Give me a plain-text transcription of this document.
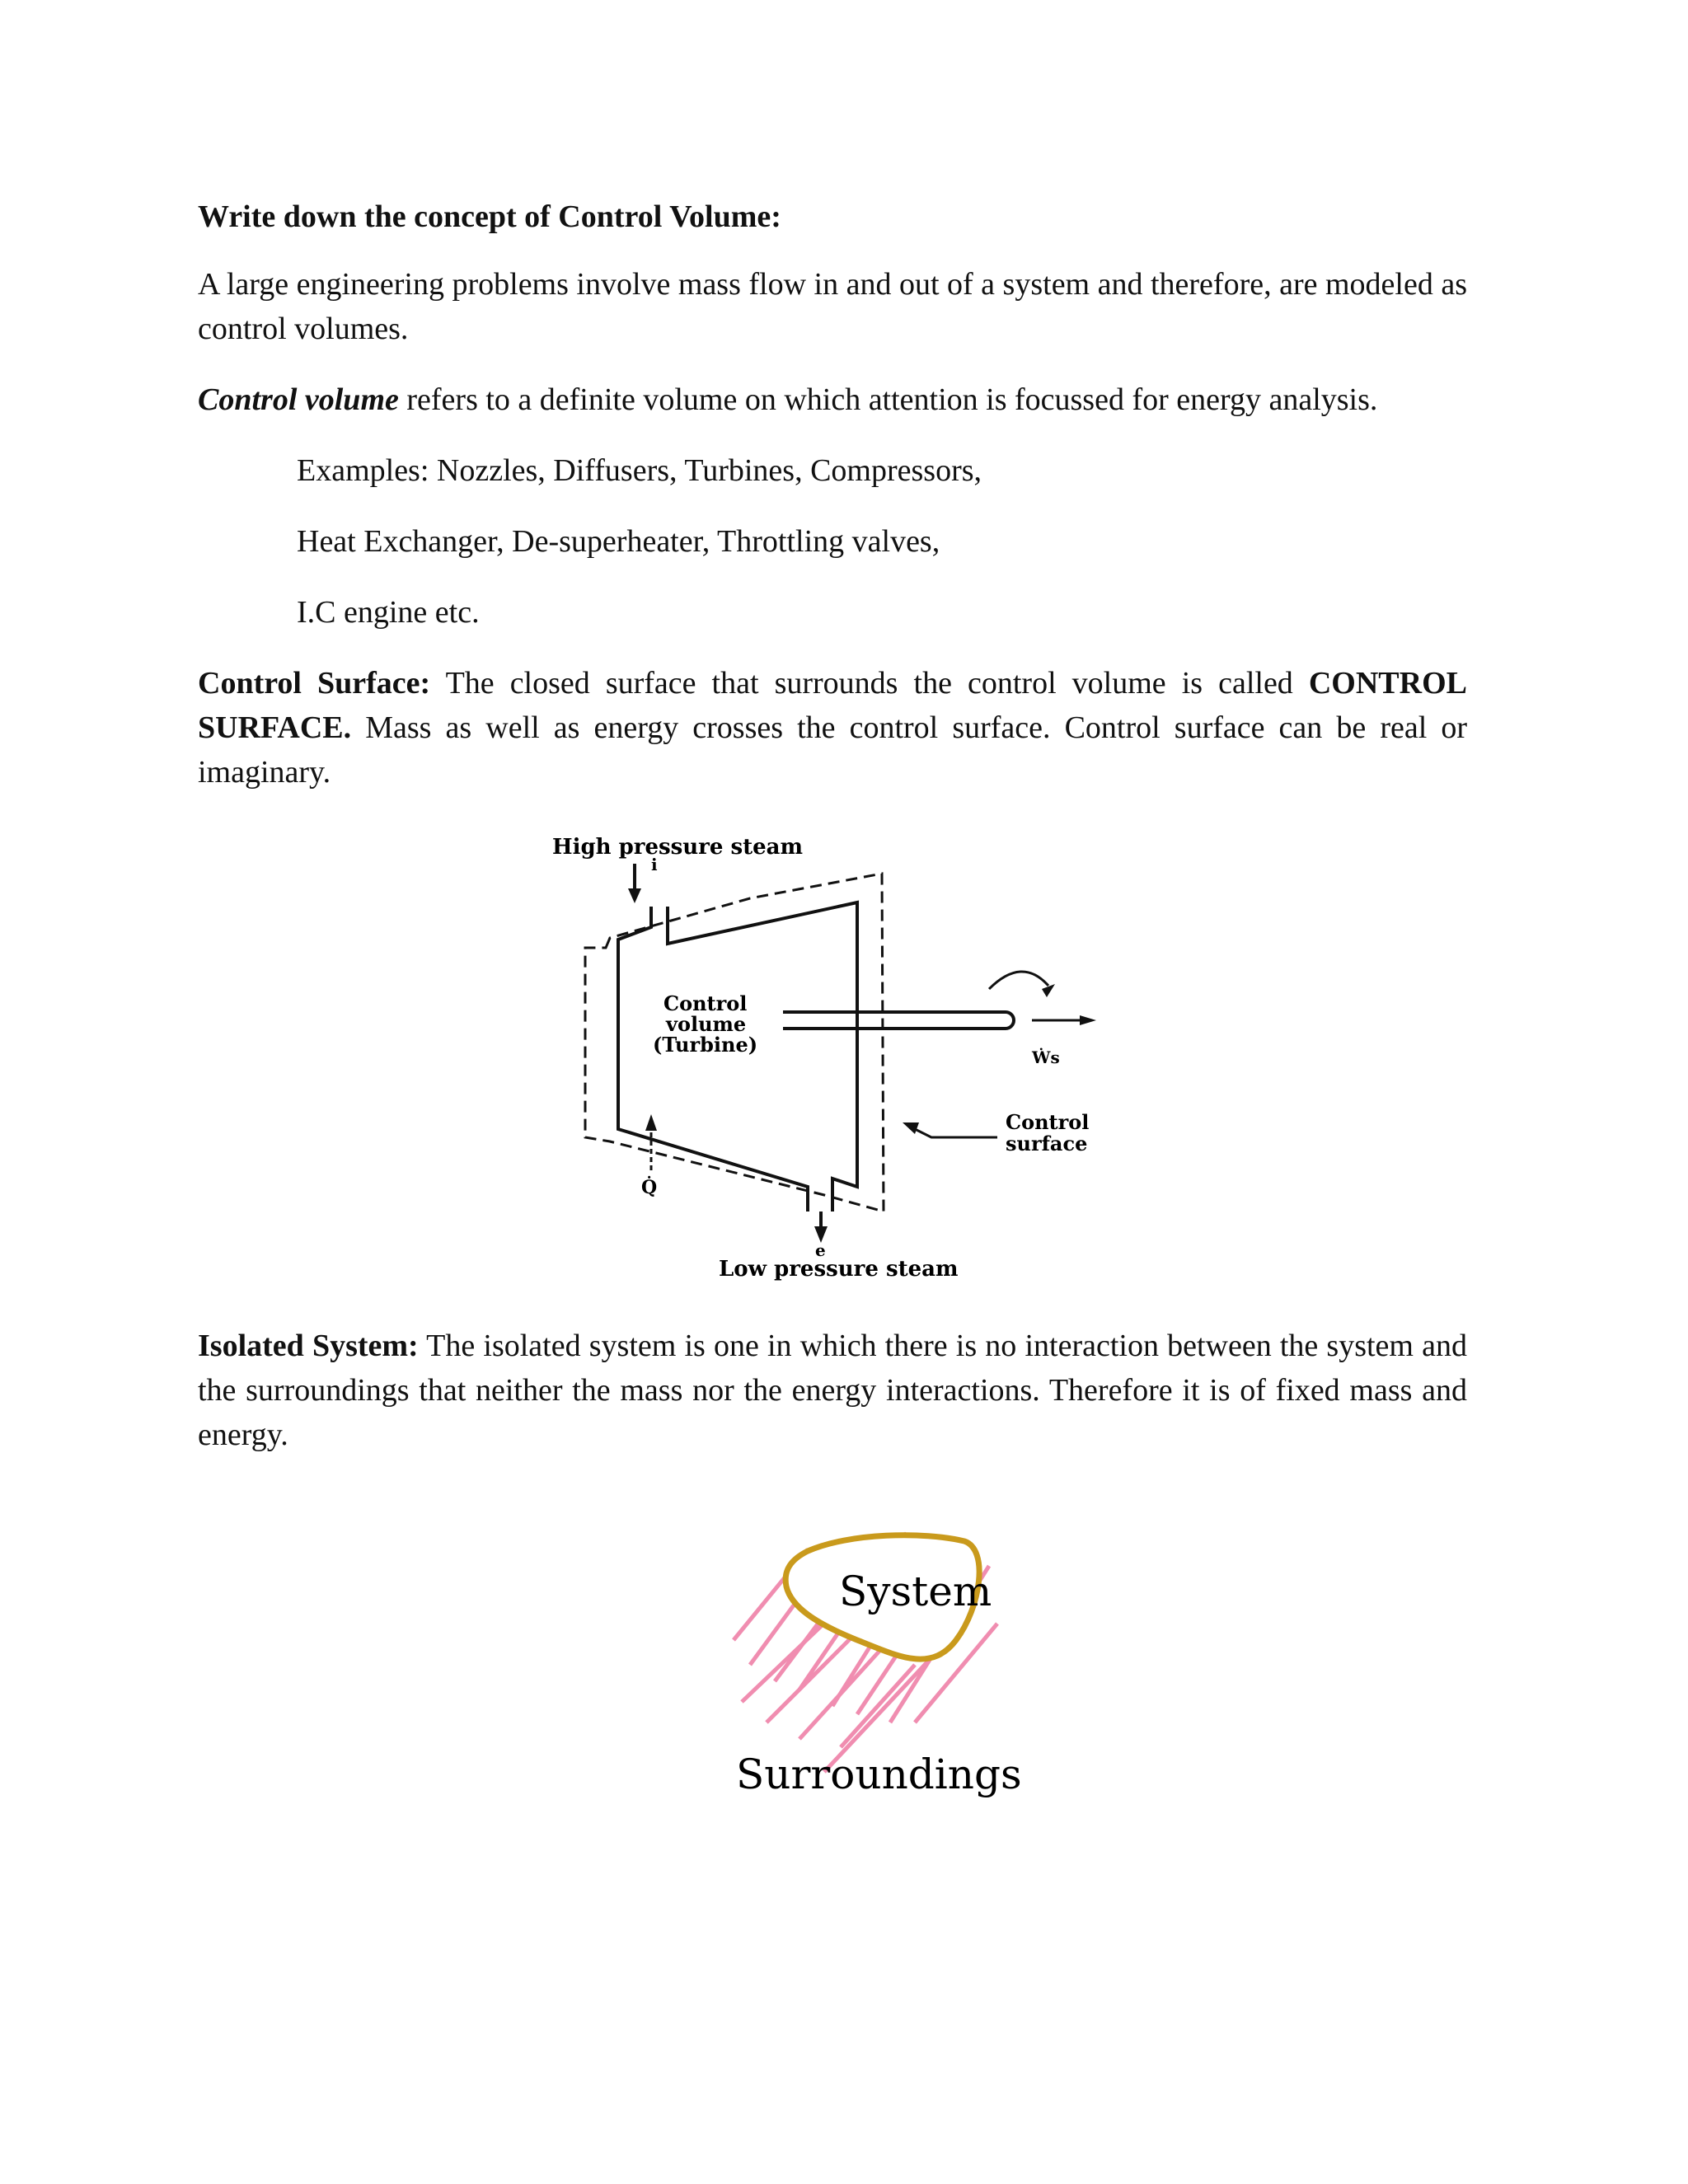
Write down the concept of Control Volume:

A large engineering problems involve mass flow in and out of a system and therefore, are modeled as control volumes.

Control volume refers to a definite volume on which attention is focussed for energy analysis.

Examples: Nozzles, Diffusers, Turbines, Compressors,

Heat Exchanger, De-superheater, Throttling valves,

I.C engine etc.

Control Surface: The closed surface that surrounds the control volume is called CONTROL SURFACE. Mass as well as energy crosses the control surface. Control surface can be real or imaginary.

High pressure steam
i
Ẇs
Control
volume
(Turbine)
Q̇
Control
surface
e
Low pressure steam

Isolated System: The isolated system is one in which there is no interaction between the system and the surroundings that neither the mass nor the energy interactions. Therefore it is of fixed mass and energy.

System
Surroundings
